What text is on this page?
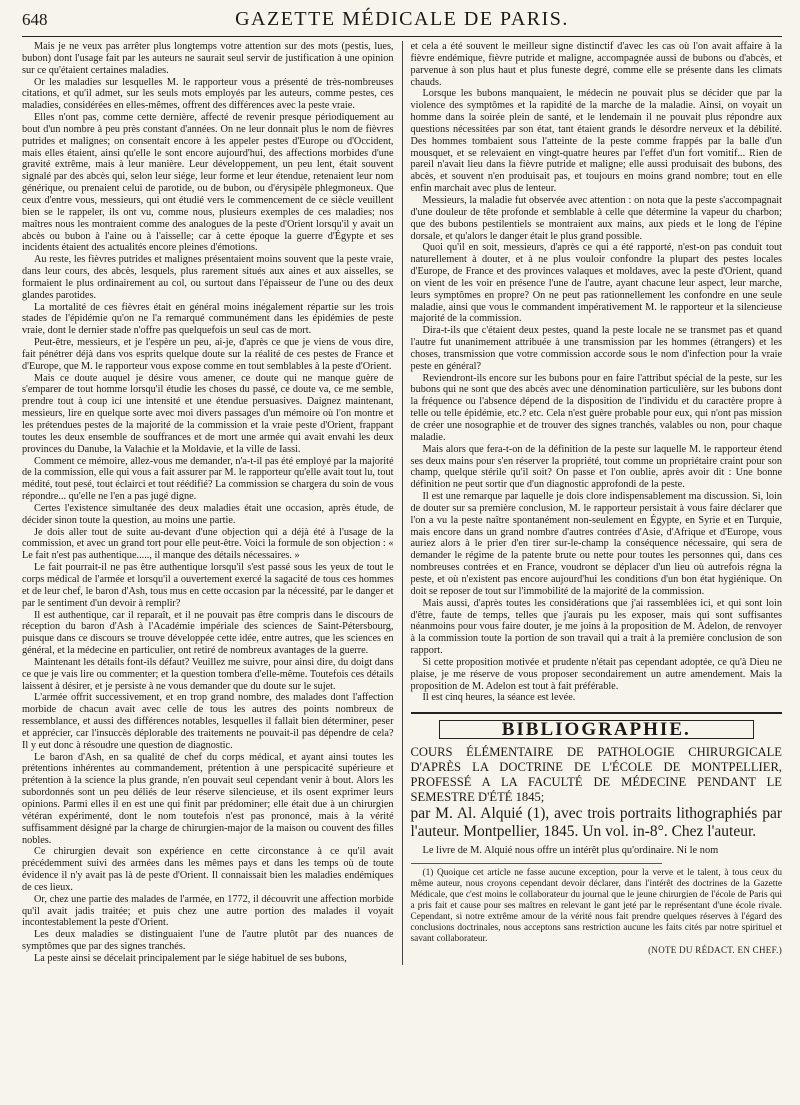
648	GAZETTE MÉDICALE DE PARIS.

Mais je ne veux pas arrêter plus longtemps votre attention sur des mots (pestis, lues, bubon) dont l'usage fait par les auteurs ne saurait seul servir de justification à une opinion sur ce qu'étaient certaines maladies.

Or les maladies sur lesquelles M. le rapporteur vous a présenté de très-nombreuses citations, et qu'il admet, sur les seuls mots employés par les auteurs, comme pestes, ces maladies, considérées en elles-mêmes, offrent des différences avec la peste vraie.

Elles n'ont pas, comme cette dernière, affecté de revenir presque périodiquement au bout d'un nombre à peu près constant d'années. On ne leur donnait plus le nom de fièvres putrides et malignes; on consentait encore à les appeler pestes d'Europe ou d'Occident, mais elles étaient, ainsi qu'elle le sont encore aujourd'hui, des affections morbides d'une gravité extrême, mais à leur manière. Leur développement, un peu lent, était souvent signalé par des abcès qui, selon leur siége, leur forme et leur étendue, retenaient leur nom générique, ou prenaient celui de parotide, ou de bubon, ou d'érysipèle phlegmoneux. Que ceux d'entre vous, messieurs, qui ont étudié vers le commencement de ce siècle veuillent bien se le rappeler, ils ont vu, comme nous, plusieurs exemples de ces maladies; nos maîtres nous les montraient comme des analogues de la peste d'Orient lorsqu'il y avait un abcès ou bubon à l'aine ou à l'aisselle; car à cette époque la guerre d'Égypte et ses incidents étaient des actualités encore pleines d'émotions.

Au reste, les fièvres putrides et malignes présentaient moins souvent que la peste vraie, dans leur cours, des abcès, lesquels, plus rarement situés aux aines et aux aisselles, se formaient le plus ordinairement au col, ou surtout dans l'épaisseur de l'une ou des deux glandes parotides.

La mortalité de ces fièvres était en général moins inégalement répartie sur les trois stades de l'épidémie qu'on ne l'a remarqué communément dans les épidémies de peste vraie, dont le dernier stade n'offre pas quelquefois un seul cas de mort.

Peut-être, messieurs, et je l'espère un peu, ai-je, d'après ce que je viens de vous dire, fait pénétrer déjà dans vos esprits quelque doute sur la réalité de ces pestes de France et d'Europe, que M. le rapporteur vous expose comme en tout semblables à la peste d'Orient.

Mais ce doute auquel je désire vous amener, ce doute qui ne manque guère de s'emparer de tout homme lorsqu'il étudie les choses du passé, ce doute va, ce me semble, prendre tout à coup ici une intensité et une étendue persuasives. Daignez maintenant, messieurs, lire en quelque sorte avec moi divers passages d'un mémoire où l'on montre et les prétendues pestes de la majorité de la commission et la vraie peste d'Orient, frappant toutes les deux ensemble de souffrances et de mort une armée qui avait envahi les deux provinces du Danube, la Valachie et la Moldavie, et la ville de Iassi.

Comment ce mémoire, allez-vous me demander, n'a-t-il pas été employé par la majorité de la commission, elle qui vous a fait assurer par M. le rapporteur qu'elle avait tout lu, tout médité, tout pesé, tout éclairci et tout réédifié? La commission se chargera du soin de vous répondre... qu'elle ne l'en a pas jugé digne.

Certes l'existence simultanée des deux maladies était une occasion, après étude, de décider sinon toute la question, au moins une partie.

Je dois aller tout de suite au-devant d'une objection qui a déjà été à l'usage de la commission, et avec un grand tort pour elle peut-être. Voici la formule de son objection : « Le fait n'est pas authentique....., il manque des détails nécessaires. »

Le fait pourrait-il ne pas être authentique lorsqu'il s'est passé sous les yeux de tout le corps médical de l'armée et lorsqu'il a ouvertement exercé la sagacité de tous ces hommes et de leur chef, le baron d'Ash, tous mus en cette occasion par la nécessité, par le danger et par le sentiment d'un devoir à remplir?

Il est authentique, car il reparaît, et il ne pouvait pas être compris dans le discours de réception du baron d'Ash à l'Académie impériale des sciences de Saint-Pétersbourg, puisque dans ce discours se trouve développée cette idée, entre autres, que les sciences en général, et la médecine en particulier, ont retiré de nombreux avantages de la guerre.

Maintenant les détails font-ils défaut? Veuillez me suivre, pour ainsi dire, du doigt dans ce que je vais lire ou commenter; et la question tombera d'elle-même. Toutefois ces détails laissent à désirer, et je persiste à ne vous demander que du doute sur le sujet.

L'armée offrit successivement, et en trop grand nombre, des malades dont l'affection morbide de chacun avait avec celle de tous les autres des points nombreux de ressemblance, et aussi des différences notables, lesquelles il fallait bien déterminer, peser et apprécier, car l'insuccès déplorable des traitements ne pouvait-il pas dépendre de cela? Il y eut donc à résoudre une question de diagnostic.

Le baron d'Ash, en sa qualité de chef du corps médical, et ayant ainsi toutes les prétentions inhérentes au commandement, prétention à une perspicacité supérieure et prétention à la science la plus grande, n'en pouvait seul cependant venir à bout. Alors les subordonnés sont un peu déliés de leur réserve silencieuse, et ils osent exprimer leurs opinions. Parmi elles il en est une qui finit par prédominer; elle était due à un chirurgien vétéran expérimenté, dont le nom toutefois n'est pas prononcé, mais à la vérité suffisamment désigné par la charge de chirurgien-major de la maison ou couvent des filles nobles.

Ce chirurgien devait son expérience en cette circonstance à ce qu'il avait précédemment suivi des armées dans les mêmes pays et dans les temps où de toute évidence il n'y avait pas là de peste d'Orient. Il connaissait bien les maladies endémiques de ces lieux.

Or, chez une partie des malades de l'armée, en 1772, il découvrit une affection morbide qu'il avait jadis traitée; et puis chez une autre portion des malades il voyait incontestablement la peste d'Orient.

Les deux maladies se distinguaient l'une de l'autre plutôt par des nuances de symptômes que par des signes tranchés.

La peste ainsi se décelait principalement par le siége habituel de ses bubons,

et cela a été souvent le meilleur signe distinctif d'avec les cas où l'on avait affaire à la fièvre endémique, fièvre putride et maligne, accompagnée aussi de bubons ou d'abcès, et parvenue à son plus haut et plus funeste degré, comme elle se présente dans les climats chauds.

Lorsque les bubons manquaient, le médecin ne pouvait plus se décider que par la violence des symptômes et la rapidité de la marche de la maladie. Ainsi, on voyait un homme dans la soirée plein de santé, et le lendemain il ne pouvait plus répondre aux questions nécessitées par son état, tant étaient grands le désordre nerveux et la débilité. Des hommes tombaient sous l'atteinte de la peste comme frappés par la balle d'un mousquet, et se relevaient en vingt-quatre heures par l'effet d'un fort vomitif... Rien de pareil n'avait lieu dans la fièvre putride et maligne; elle aussi produisait des bubons, des abcès, et souvent n'en produisait pas, et toujours en moins grand nombre; tout en elle enfin marchait avec plus de lenteur.

Messieurs, la maladie fut observée avec attention : on nota que la peste s'accompagnait d'une douleur de tête profonde et semblable à celle que détermine la vapeur du charbon; que des bubons pestilentiels se montraient aux mains, aux pieds et le long de l'épine dorsale, et qu'alors le danger était le plus grand possible.

Quoi qu'il en soit, messieurs, d'après ce qui a été rapporté, n'est-on pas conduit tout naturellement à douter, et à ne plus vouloir confondre la plupart des pestes locales d'Europe, de France et des provinces valaques et moldaves, avec la peste d'Orient, quand on vient de les voir en présence l'une de l'autre, ayant chacune leur aspect, leur marche, leurs symptômes en propre? On ne peut pas rationnellement les confondre en une seule maladie, ainsi que vous le commandent impérativement M. le rapporteur et la silencieuse majorité de la commission.

Dira-t-ils que c'étaient deux pestes, quand la peste locale ne se transmet pas et quand l'autre fut unanimement attribuée à une transmission par les hommes (étrangers) et les choses, transmission que votre commission accorde sous le nom d'infection pour la vraie peste en général?

Reviendront-ils encore sur les bubons pour en faire l'attribut spécial de la peste, sur les bubons qui ne sont que des abcès avec une dénomination particulière, sur les bubons dont la fréquence ou l'absence dépend de la disposition de l'individu et du caractère propre à telle ou telle épidémie, etc.? etc. Cela n'est guère probable pour eux, qui n'ont pas mission de créer une nosographie et de trouver des signes tranchés, valables ou non, pour chaque maladie.

Mais alors que fera-t-on de la définition de la peste sur laquelle M. le rapporteur étend ses deux mains pour s'en réserver la propriété, tout comme un propriétaire craint pour son champ, quelque stérile qu'il soit? On passe et l'on oublie, après avoir dit : Une bonne définition ne peut sortir que d'un diagnostic approfondi de la peste.

Il est une remarque par laquelle je dois clore indispensablement ma discussion. Si, loin de douter sur sa première conclusion, M. le rapporteur persistait à vous faire déclarer que l'on a vu la peste naître spontanément non-seulement en Égypte, en Syrie et en Turquie, mais encore dans un grand nombre d'autres contrées d'Asie, d'Afrique et d'Europe, vous auriez alors à le prier d'en tirer sur-le-champ la conséquence nécessaire, qui sera de demander le régime de la patente brute ou nette pour toutes les personnes qui, dans ces nombreuses contrées et en France, voudront se déplacer d'un lieu où autrefois régna la peste, et où n'existent pas encore aujourd'hui les conditions d'un bon état hygiénique. On doit se reposer de tout sur l'immobilité de la majorité de la commission.

Mais aussi, d'après toutes les considérations que j'ai rassemblées ici, et qui sont loin d'être, faute de temps, telles que j'aurais pu les exposer, mais qui sont suffisantes néanmoins pour vous faire douter, je me joins à la proposition de M. Adelon, de renvoyer à la commission toute la portion de son travail qui a trait à la première conclusion de son rapport.

Si cette proposition motivée et prudente n'était pas cependant adoptée, ce qu'à Dieu ne plaise, je me réserve de vous proposer secondairement un autre amendement. Mais la proposition de M. Adelon est tout à fait préférable.

Il est cinq heures, la séance est levée.

BIBLIOGRAPHIE.
COURS ÉLÉMENTAIRE DE PATHOLOGIE CHIRURGICALE D'APRÈS LA DOCTRINE DE L'ÉCOLE DE MONTPELLIER, PROFESSÉ A LA FACULTÉ DE MÉDECINE PENDANT LE SEMESTRE D'ÉTÉ 1845;
par M. Al. Alquié (1), avec trois portraits lithographiés par l'auteur. Montpellier, 1845. Un vol. in-8°. Chez l'auteur.
Le livre de M. Alquié nous offre un intérêt plus qu'ordinaire. Ni le nom

(1) Quoique cet article ne fasse aucune exception, pour la verve et le talent, à tous ceux du même auteur, nous croyons cependant devoir déclarer, dans l'intérêt des doctrines de la Gazette Médicale, que c'est moins le collaborateur du journal que le jeune chirurgien de l'école de Paris qui a pris fait et cause pour ses maîtres en relevant le gant jeté par le représentant d'une école rivale. Cependant, si notre extrême amour de la vérité nous fait prendre quelques réserves à l'égard des conclusions doctrinales, nous acceptons sans restriction aucune les faits cités par notre spirituel et savant collaborateur.

(NOTE DU RÉDACT. EN CHEF.)
